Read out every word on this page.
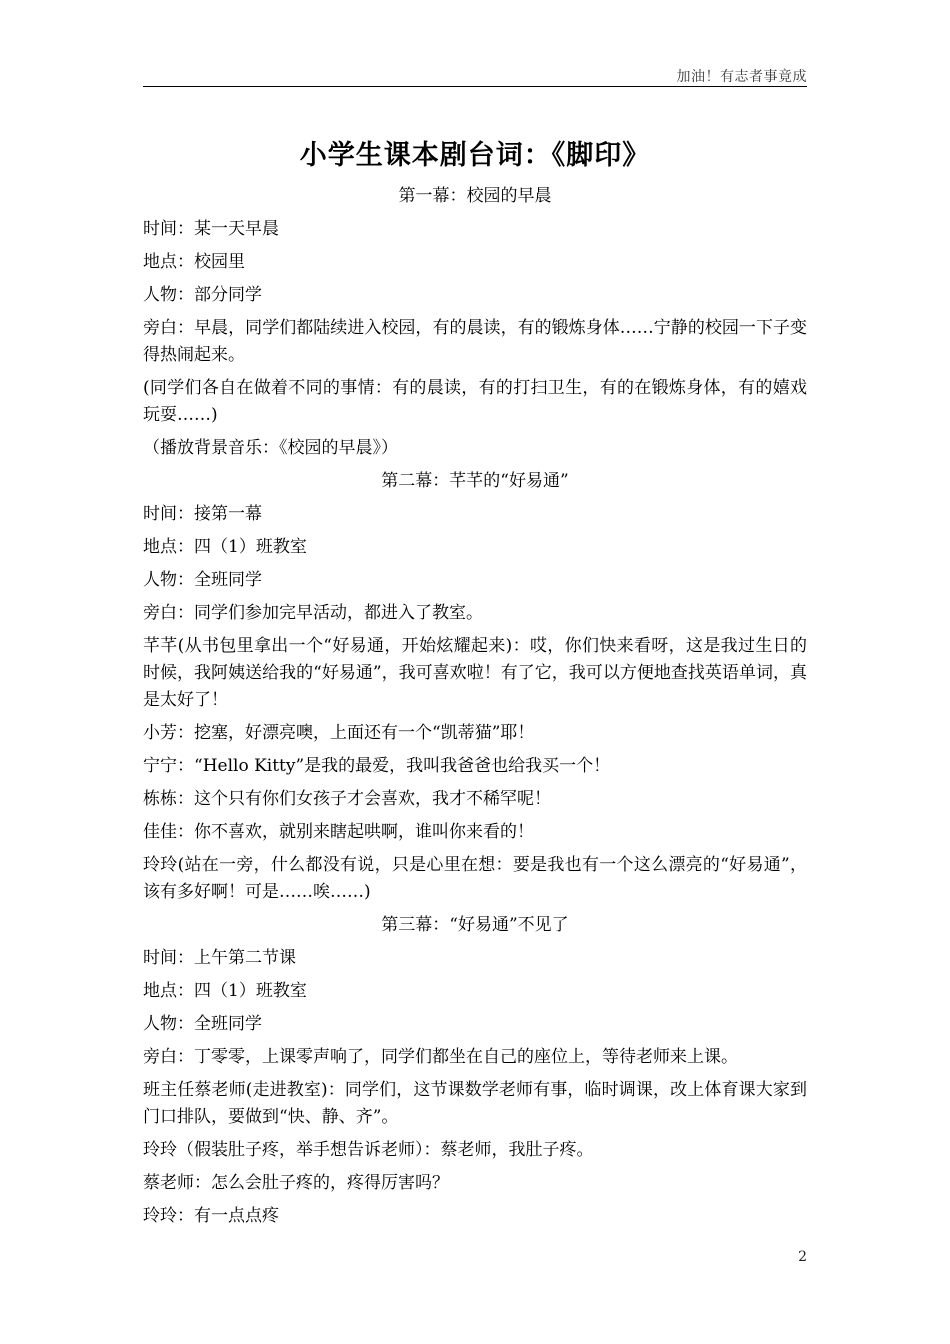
加油！有志者事竟成
小学生课本剧台词：《脚印》

第一幕：校园的早晨

时间：某一天早晨

地点：校园里

人物：部分同学

旁白：早晨，同学们都陆续进入校园，有的晨读，有的锻炼身体……宁静的校园一下子变得热闹起来。

(同学们各自在做着不同的事情：有的晨读，有的打扫卫生，有的在锻炼身体，有的嬉戏玩耍……)

（播放背景音乐：《校园的早晨》）

第二幕：芊芊的“好易通”

时间：接第一幕

地点：四（1）班教室

人物：全班同学

旁白：同学们参加完早活动，都进入了教室。

芊芊(从书包里拿出一个“好易通，开始炫耀起来)：哎，你们快来看呀，这是我过生日的时候，我阿姨送给我的“好易通”，我可喜欢啦！有了它，我可以方便地查找英语单词，真是太好了！

小芳：挖塞，好漂亮噢，上面还有一个“凯蒂猫”耶！

宁宁：“Hello Kitty”是我的最爱，我叫我爸爸也给我买一个！

栋栋：这个只有你们女孩子才会喜欢，我才不稀罕呢！

佳佳：你不喜欢，就别来瞎起哄啊，谁叫你来看的！

玲玲(站在一旁，什么都没有说，只是心里在想：要是我也有一个这么漂亮的“好易通”，该有多好啊！可是……唉……)

第三幕：“好易通”不见了

时间：上午第二节课

地点：四（1）班教室

人物：全班同学

旁白：丁零零，上课零声响了，同学们都坐在自己的座位上，等待老师来上课。

班主任蔡老师(走进教室)：同学们，这节课数学老师有事，临时调课，改上体育课大家到门口排队，要做到“快、静、齐”。

玲玲（假装肚子疼，举手想告诉老师）：蔡老师，我肚子疼。

蔡老师：怎么会肚子疼的，疼得厉害吗？

玲玲：有一点点疼

2
